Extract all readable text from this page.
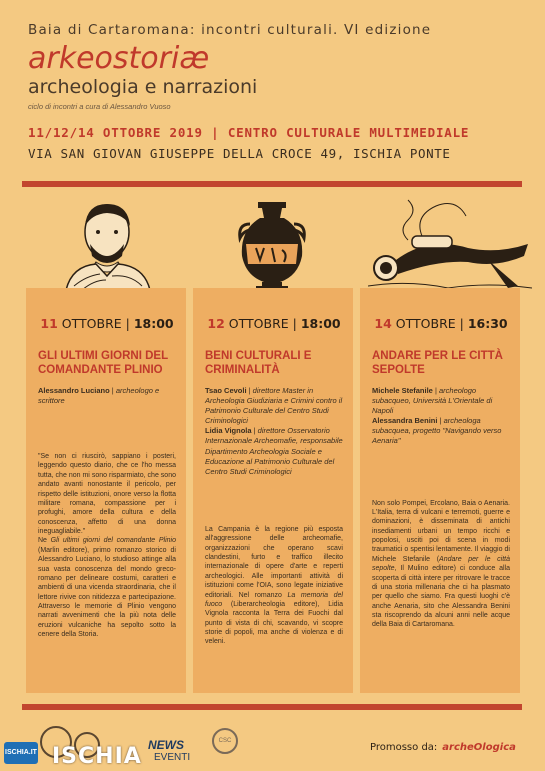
Baia di Cartaromana: incontri culturali. VI edizione
arkeostoriæ
archeologia e narrazioni
ciclo di incontri a cura di Alessandro Vuoso
11/12/14 OTTOBRE 2019 | CENTRO CULTURALE MULTIMEDIALE
VIA SAN GIOVAN GIUSEPPE DELLA CROCE 49, ISCHIA PONTE
11 OTTOBRE | 18:00
GLI ULTIMI GIORNI DEL COMANDANTE PLINIO
Alessandro Luciano | archeologo e scrittore
"Se non ci riuscirò, sappiano i posteri, leggendo questo diario, che ce l'ho messa tutta, che non mi sono risparmiato, che sono andato avanti nonostante il pericolo, per rispetto delle istituzioni, onore verso la flotta militare romana, compassione per i profughi, amore della cultura e della conoscenza, affetto di una donna ineguagliabile."
Ne Gli ultimi giorni del comandante Plinio (Marlin editore), primo romanzo storico di Alessandro Luciano, lo studioso attinge alla sua vasta conoscenza del mondo greco-romano per delineare costumi, caratteri e ambienti di una vicenda straordinaria, che il lettore rivive con nitidezza e partecipazione. Attraverso le memorie di Plinio vengono narrati avvenimenti che la più nota delle eruzioni vulcaniche ha sepolto sotto la cenere della Storia.
12 OTTOBRE | 18:00
BENI CULTURALI E CRIMINALITÀ
Tsao Cevoli | direttore Master in Archeologia Giudiziaria e Crimini contro il Patrimonio Culturale del Centro Studi Criminologici
Lidia Vignola | direttore Osservatorio Internazionale Archeomafie, responsabile Dipartimento Archeologia Sociale e Educazione al Patrimonio Culturale del Centro Studi Criminologici
La Campania è la regione più esposta all'aggressione delle archeomafie, organizzazioni che operano scavi clandestini, furto e traffico illecito internazionale di opere d'arte e reperti archeologici. Alle importanti attività di istituzioni come l'OIA, sono legate iniziative editoriali. Nel romanzo La memoria del fuoco (Liberarcheologia editore), Lidia Vignola racconta la Terra dei Fuochi dal punto di vista di chi, scavando, vi scopre storie di popoli, ma anche di violenza e di veleni.
14 OTTOBRE | 16:30
ANDARE PER LE CITTÀ SEPOLTE
Michele Stefanile | archeologo subacqueo, Università L'Orientale di Napoli
Alessandra Benini | archeologa subacquea, progetto "Navigando verso Aenaria"
Non solo Pompei, Ercolano, Baia o Aenaria. L'Italia, terra di vulcani e terremoti, guerre e dominazioni, è disseminata di antichi insediamenti urbani un tempo ricchi e popolosi, usciti poi di scena in modi traumatici o spentisi lentamente. Il viaggio di Michele Stefanile (Andare per le città sepolte, Il Mulino editore) ci conduce alla scoperta di città intere per ritrovare le tracce di una storia millenaria che ci ha plasmato per quello che siamo. Fra questi luoghi c'è anche Aenaria, sito che Alessandra Benini sta riscoprendo da alcuni anni nelle acque della Baia di Cartaromana.
ISCHIA.IT ISCHIA NEWS
EVENTI
CSC
Promosso da: archeOlogica
